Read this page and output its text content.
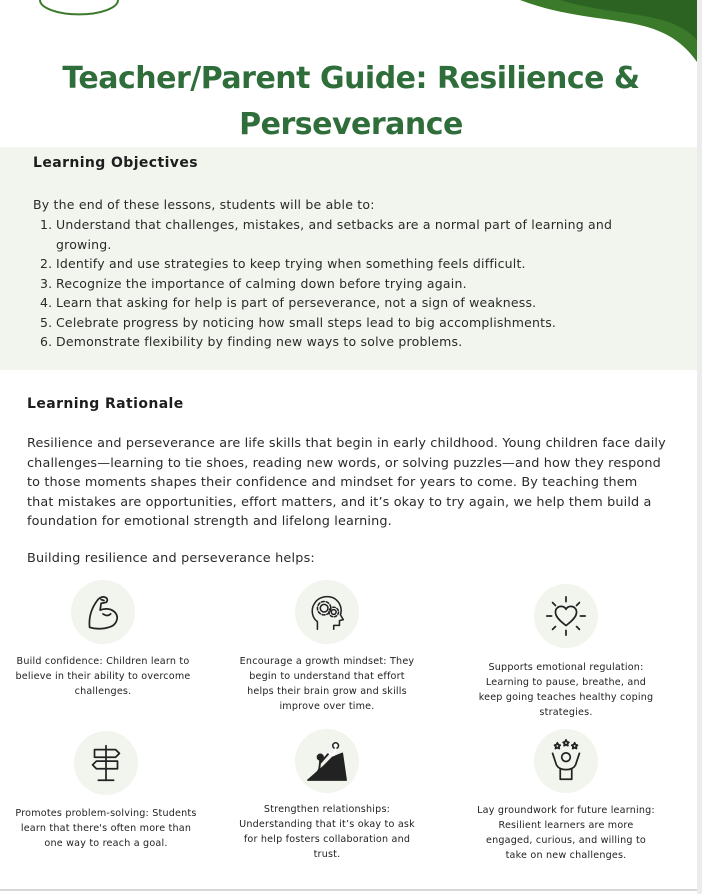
Teacher/Parent Guide: Resilience &
Perseverance
Learning Objectives

By the end of these lessons, students will be able to:

1. Understand that challenges, mistakes, and setbacks are a normal part of learning and growing.
2. Identify and use strategies to keep trying when something feels difficult.
3. Recognize the importance of calming down before trying again.
4. Learn that asking for help is part of perseverance, not a sign of weakness.
5. Celebrate progress by noticing how small steps lead to big accomplishments.
6. Demonstrate flexibility by finding new ways to solve problems.
Learning Rationale

Resilience and perseverance are life skills that begin in early childhood. Young children face daily challenges—learning to tie shoes, reading new words, or solving puzzles—and how they respond to those moments shapes their confidence and mindset for years to come. By teaching them that mistakes are opportunities, effort matters, and it’s okay to try again, we help them build a foundation for emotional strength and lifelong learning.

Building resilience and perseverance helps:

Build confidence: Children learn to believe in their ability to overcome challenges.

Encourage a growth mindset: They begin to understand that effort helps their brain grow and skills improve over time.

Supports emotional regulation: Learning to pause, breathe, and keep going teaches healthy coping strategies.

Promotes problem-solving: Students learn that there's often more than one way to reach a goal.

Strengthen relationships: Understanding that it’s okay to ask for help fosters collaboration and trust.

Lay groundwork for future learning: Resilient learners are more engaged, curious, and willing to take on new challenges.
